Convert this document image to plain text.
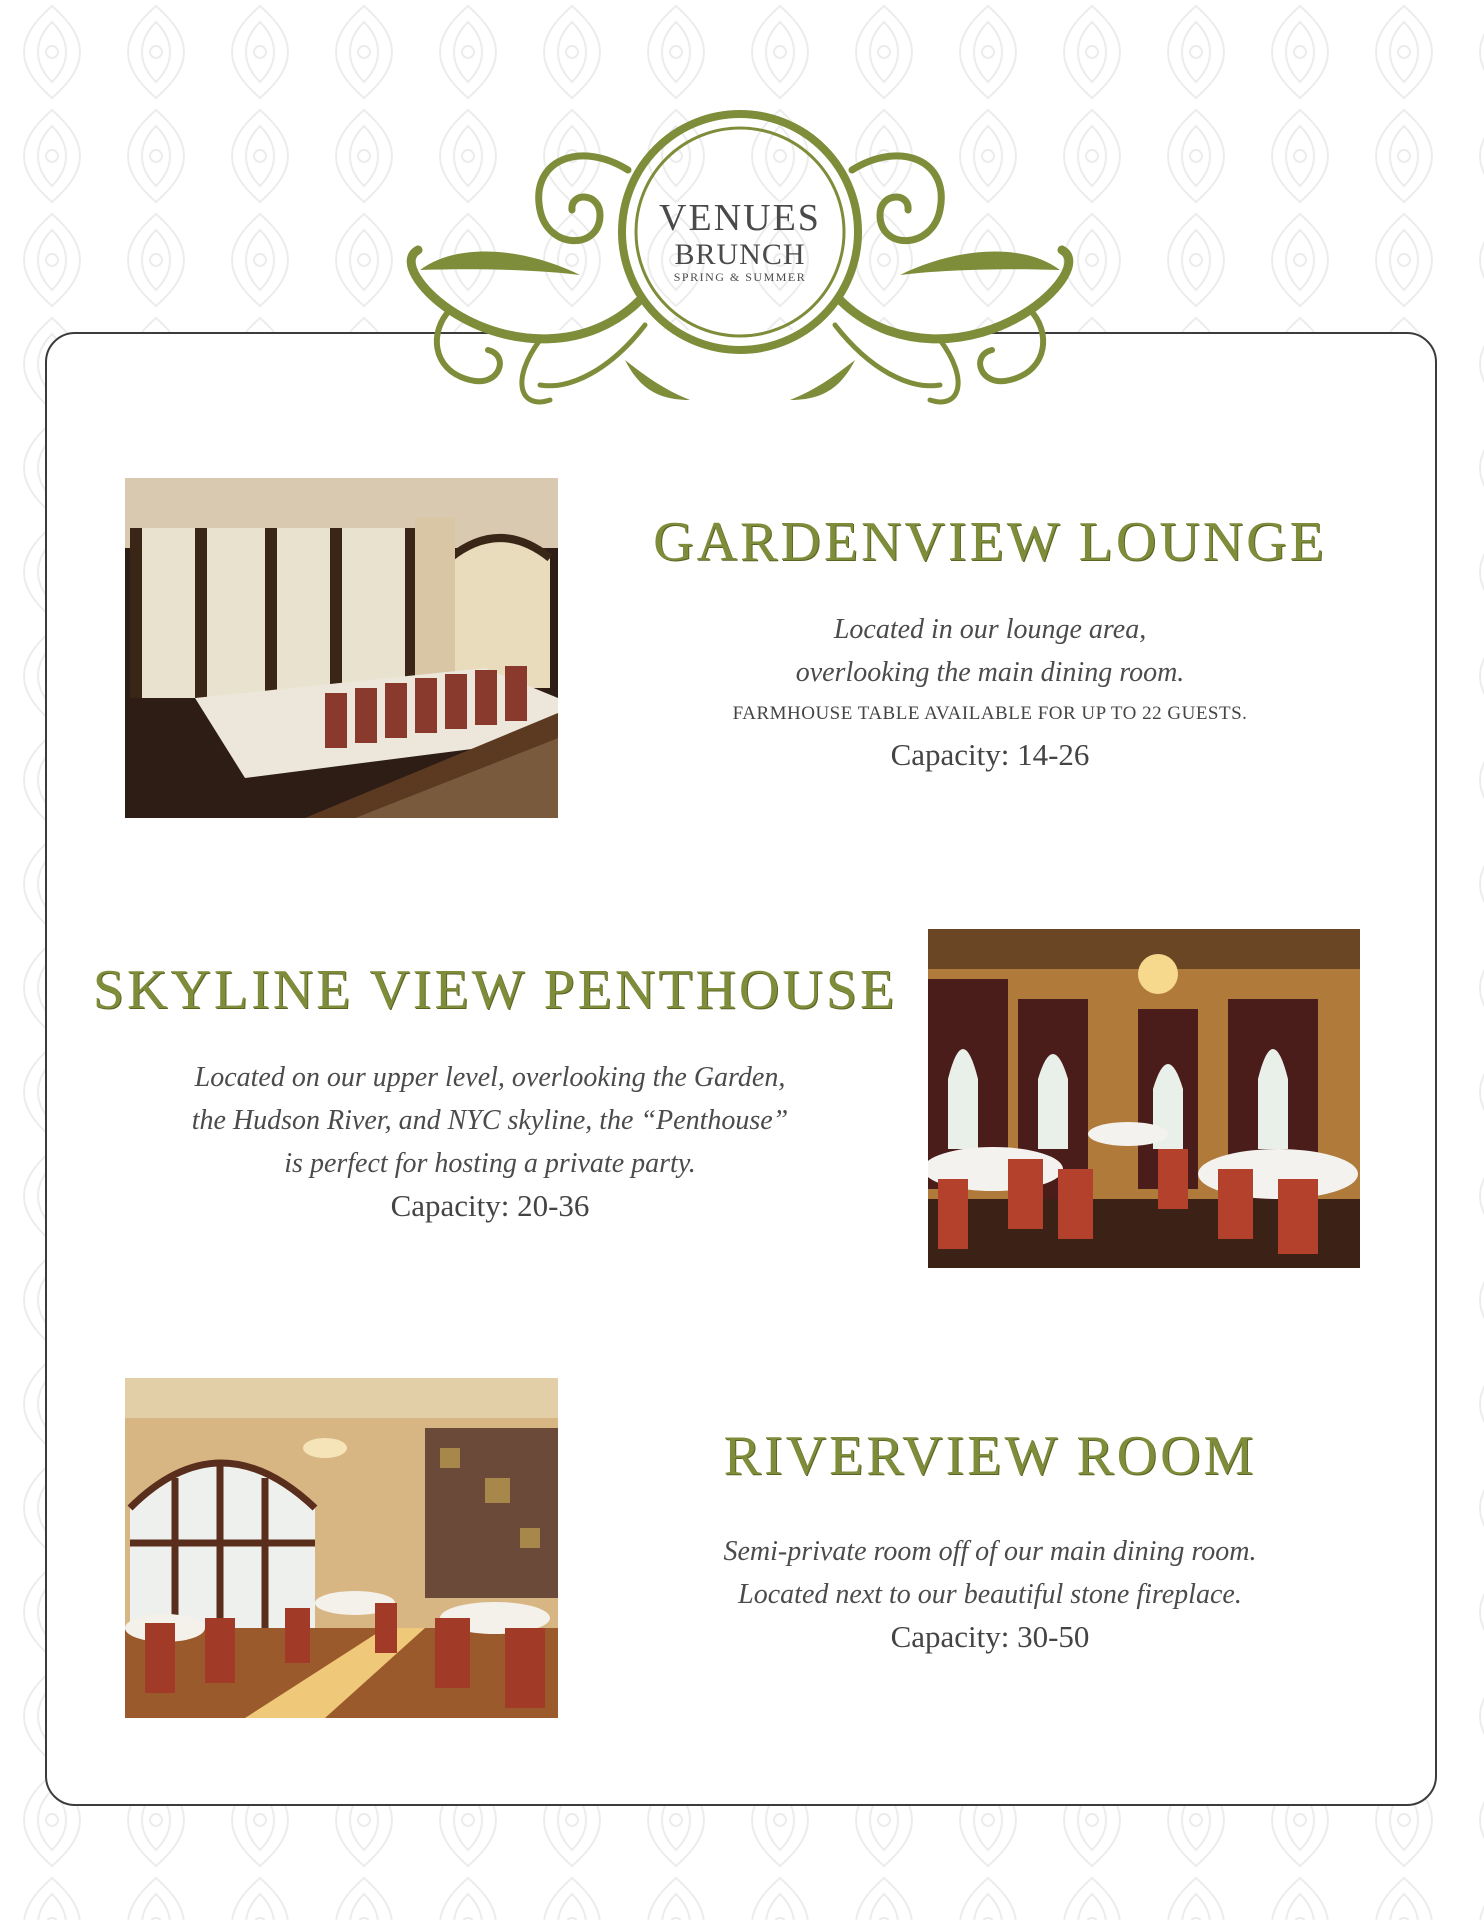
VENUES
BRUNCH
SPRING & SUMMER
GARDENVIEW LOUNGE
Located in our lounge area,
overlooking the main dining room.
FARMHOUSE TABLE AVAILABLE FOR UP TO 22 GUESTS.
Capacity: 14-26
SKYLINE VIEW PENTHOUSE
Located on our upper level, overlooking the Garden,
the Hudson River, and NYC skyline, the “Penthouse”
is perfect for hosting a private party.
Capacity: 20-36
RIVERVIEW ROOM
Semi-private room off of our main dining room.
Located next to our beautiful stone fireplace.
Capacity: 30-50
